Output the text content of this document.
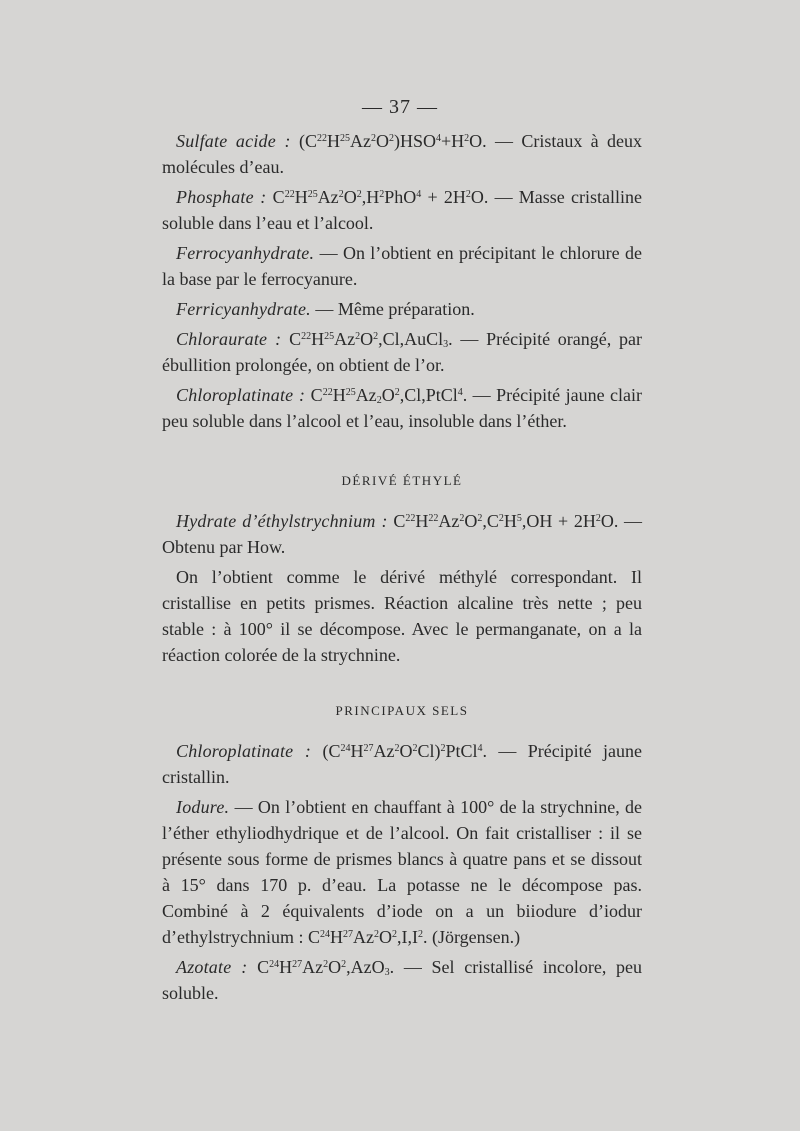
— 37 —

Sulfate acide : $(C^{22}H^{25}Az^2O^2)HSO^4+H^2O$. — Cristaux à deux molécules d’eau.

Phosphate : $C^{22}H^{25}Az^2O^2,H^2PhO^4 + 2H^2O$. — Masse cristalline soluble dans l’eau et l’alcool.

Ferrocyanhydrate. — On l’obtient en précipitant le chlorure de la base par le ferrocyanure.

Ferricyanhydrate. — Même préparation.

Chloraurate : $C^{22}H^{25}Az^2O^2,Cl,AuCl_3$. — Précipité orangé, par ébullition prolongée, on obtient de l’or.

Chloroplatinate : $C^{22}H^{25}Az_2O^2,Cl,PtCl^4$. — Précipité jaune clair peu soluble dans l’alcool et l’eau, insoluble dans l’éther.

DÉRIVÉ ÉTHYLÉ

Hydrate d’éthylstrychnium : $C^{22}H^{22}Az^2O^2,C^2H^5,OH + 2H^2O$. — Obtenu par How.

On l’obtient comme le dérivé méthylé correspondant. Il cristallise en petits prismes. Réaction alcaline très nette ; peu stable : à 100° il se décompose. Avec le permanganate, on a la réaction colorée de la strychnine.

PRINCIPAUX SELS

Chloroplatinate : $(C^{24}H^{27}Az^2O^2Cl)^2PtCl^4$. — Précipité jaune cristallin.

Iodure. — On l’obtient en chauffant à 100° de la strychnine, de l’éther ethyliodhydrique et de l’alcool. On fait cristalliser : il se présente sous forme de prismes blancs à quatre pans et se dissout à 15° dans 170 p. d’eau. La potasse ne le décompose pas. Combiné à 2 équivalents d’iode on a un biiodure d’iodur d’ethylstrychnium : $C^{24}H^{27}Az^2O^2,I,I^2$. (Jörgensen.)

Azotate : $C^{24}H^{27}Az^2O^2,AzO_3$. — Sel cristallisé incolore, peu soluble.
